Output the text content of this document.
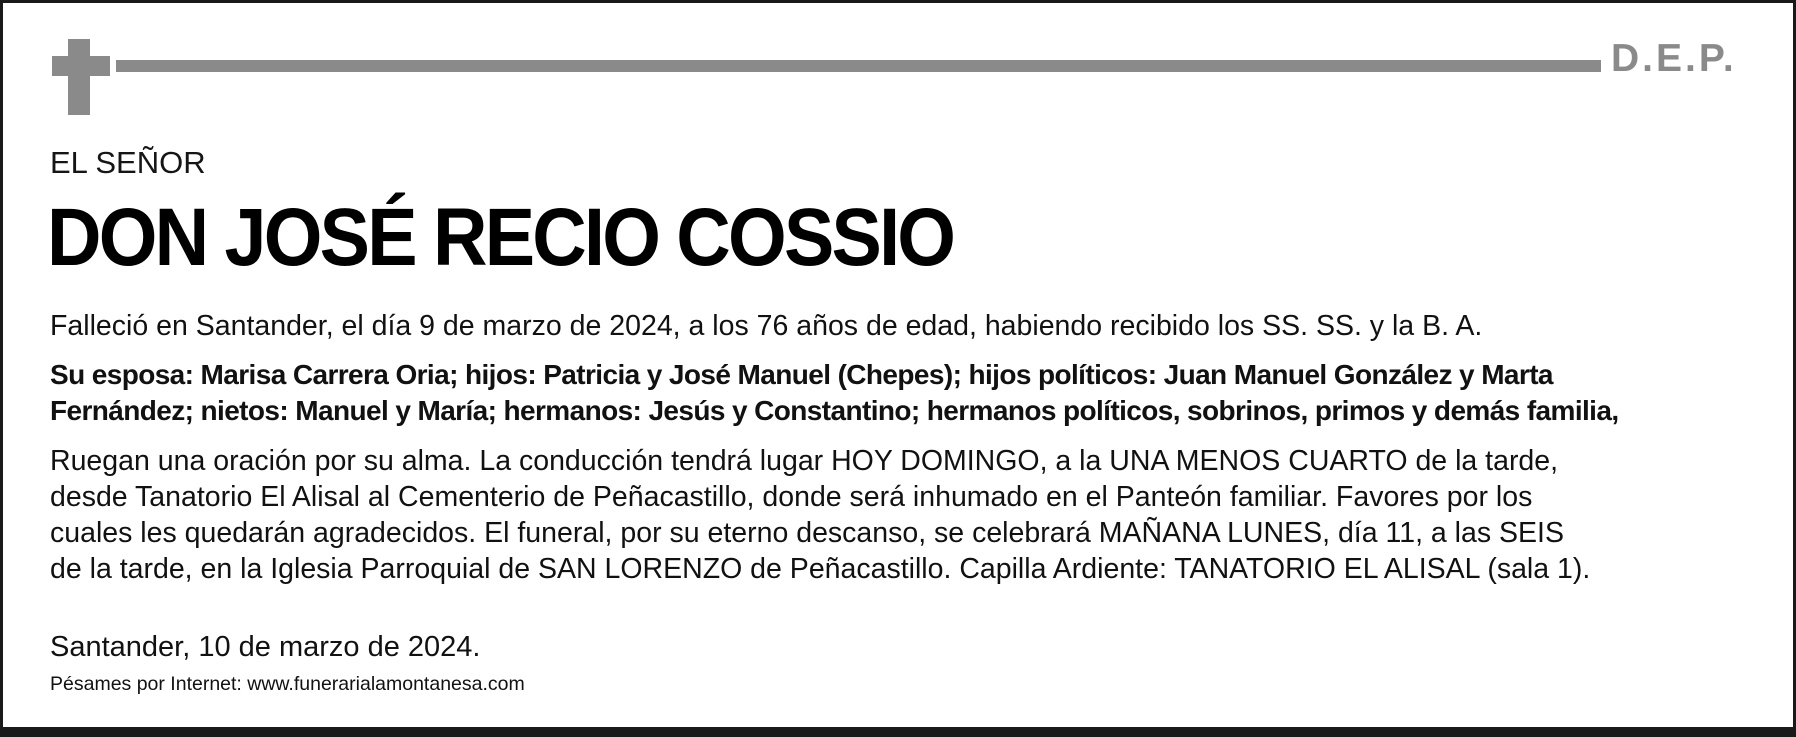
D.E.P.
EL SEÑOR
DON JOSÉ RECIO COSSIO
Falleció en Santander, el día 9 de marzo de 2024, a los 76 años de edad, habiendo recibido los SS. SS. y la B. A.
Su esposa: Marisa Carrera Oria; hijos: Patricia y José Manuel (Chepes); hijos políticos: Juan Manuel González y Marta
Fernández; nietos: Manuel y María; hermanos: Jesús y Constantino; hermanos políticos, sobrinos, primos y demás familia,
Ruegan una oración por su alma. La conducción tendrá lugar HOY DOMINGO, a la UNA MENOS CUARTO de la tarde,
desde Tanatorio El Alisal al Cementerio de Peñacastillo, donde será inhumado en el Panteón familiar. Favores por los
cuales les quedarán agradecidos. El funeral, por su eterno descanso, se celebrará MAÑANA LUNES, día 11, a las SEIS
de la tarde, en la Iglesia Parroquial de SAN LORENZO de Peñacastillo. Capilla Ardiente: TANATORIO EL ALISAL (sala 1).
Santander, 10 de marzo de 2024.
Pésames por Internet: www.funerarialamontanesa.com
